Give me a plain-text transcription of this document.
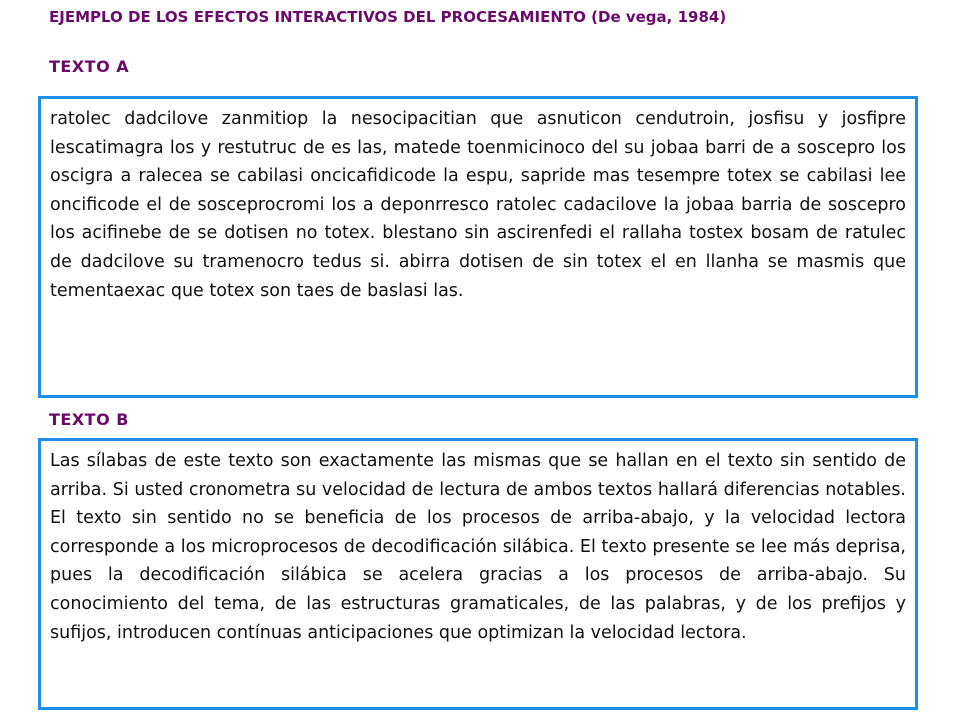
EJEMPLO DE LOS EFECTOS INTERACTIVOS DEL PROCESAMIENTO (De vega, 1984)
TEXTO A

ratolec dadcilove zanmitiop la nesocipacitian que asnuticon cendutroin, josfisu y josfipre lescatimagra los y restutruc de es las, matede toenmicinoco del su jobaa barri de a soscepro los oscigra a ralecea se cabilasi oncicafidicode la espu, sapride mas tesempre totex se cabilasi lee oncificode el de sosceprocromi los a deponrresco ratolec cadacilove la jobaa barria de soscepro los acifinebe de se dotisen no totex. blestano sin ascirenfedi el rallaha tostex bosam de ratulec de dadcilove su tramenocro tedus si. abirra dotisen de sin totex el en llanha se masmis que tementaexac que totex son taes de baslasi las.

TEXTO B

Las sílabas de este texto son exactamente las mismas que se hallan en el texto sin sentido de arriba. Si usted cronometra su velocidad de lectura de ambos textos hallará diferencias notables. El texto sin sentido no se beneficia de los procesos de arriba-abajo, y la velocidad lectora corresponde a los microprocesos de decodificación silábica. El texto presente se lee más deprisa, pues la decodificación silábica se acelera gracias a los procesos de arriba-abajo. Su conocimiento del tema, de las estructuras gramaticales, de las palabras, y de los prefijos y sufijos, introducen contínuas anticipaciones que optimizan la velocidad lectora.
